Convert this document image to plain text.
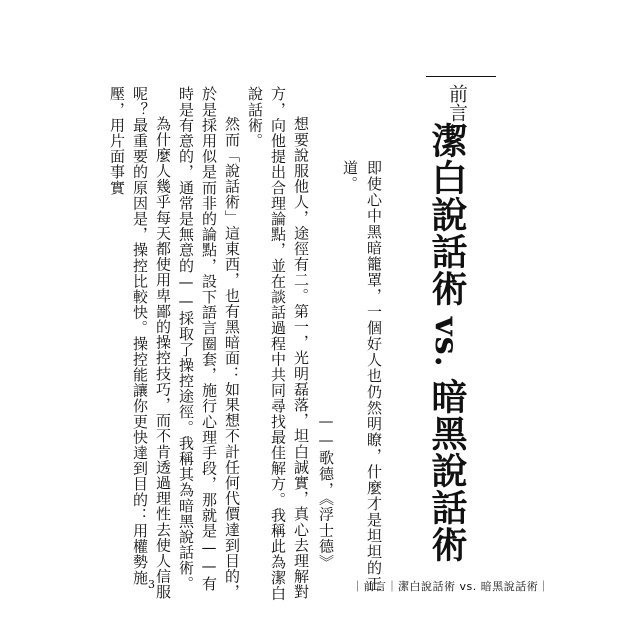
前言
潔白說話術vs.暗黑說話術
即使心中黑暗籠罩，一個好人也仍然明瞭，什麼才是坦坦的正道。
——歌德，《浮士德》

想要說服他人，途徑有二。第一，光明磊落，坦白誠實，真心去理解對方，向他提出合理論點，並在談話過程中共同尋找最佳解方。我稱此為潔白說話術。

然而「說話術」這東西，也有黑暗面：如果想不計任何代價達到目的，於是採用似是而非的論點，設下語言圈套，施行心理手段，那就是——有時是有意的，通常是無意的——採取了操控途徑。我稱其為暗黑說話術。

為什麼人幾乎每天都使用卑鄙的操控技巧，而不肯透過理性去使人信服呢？最重要的原因是，操控比較快。操控能讓你更快達到目的：用權勢施壓，用片面事實

3	｜前言｜潔白說話術 vs. 暗黑說話術｜
